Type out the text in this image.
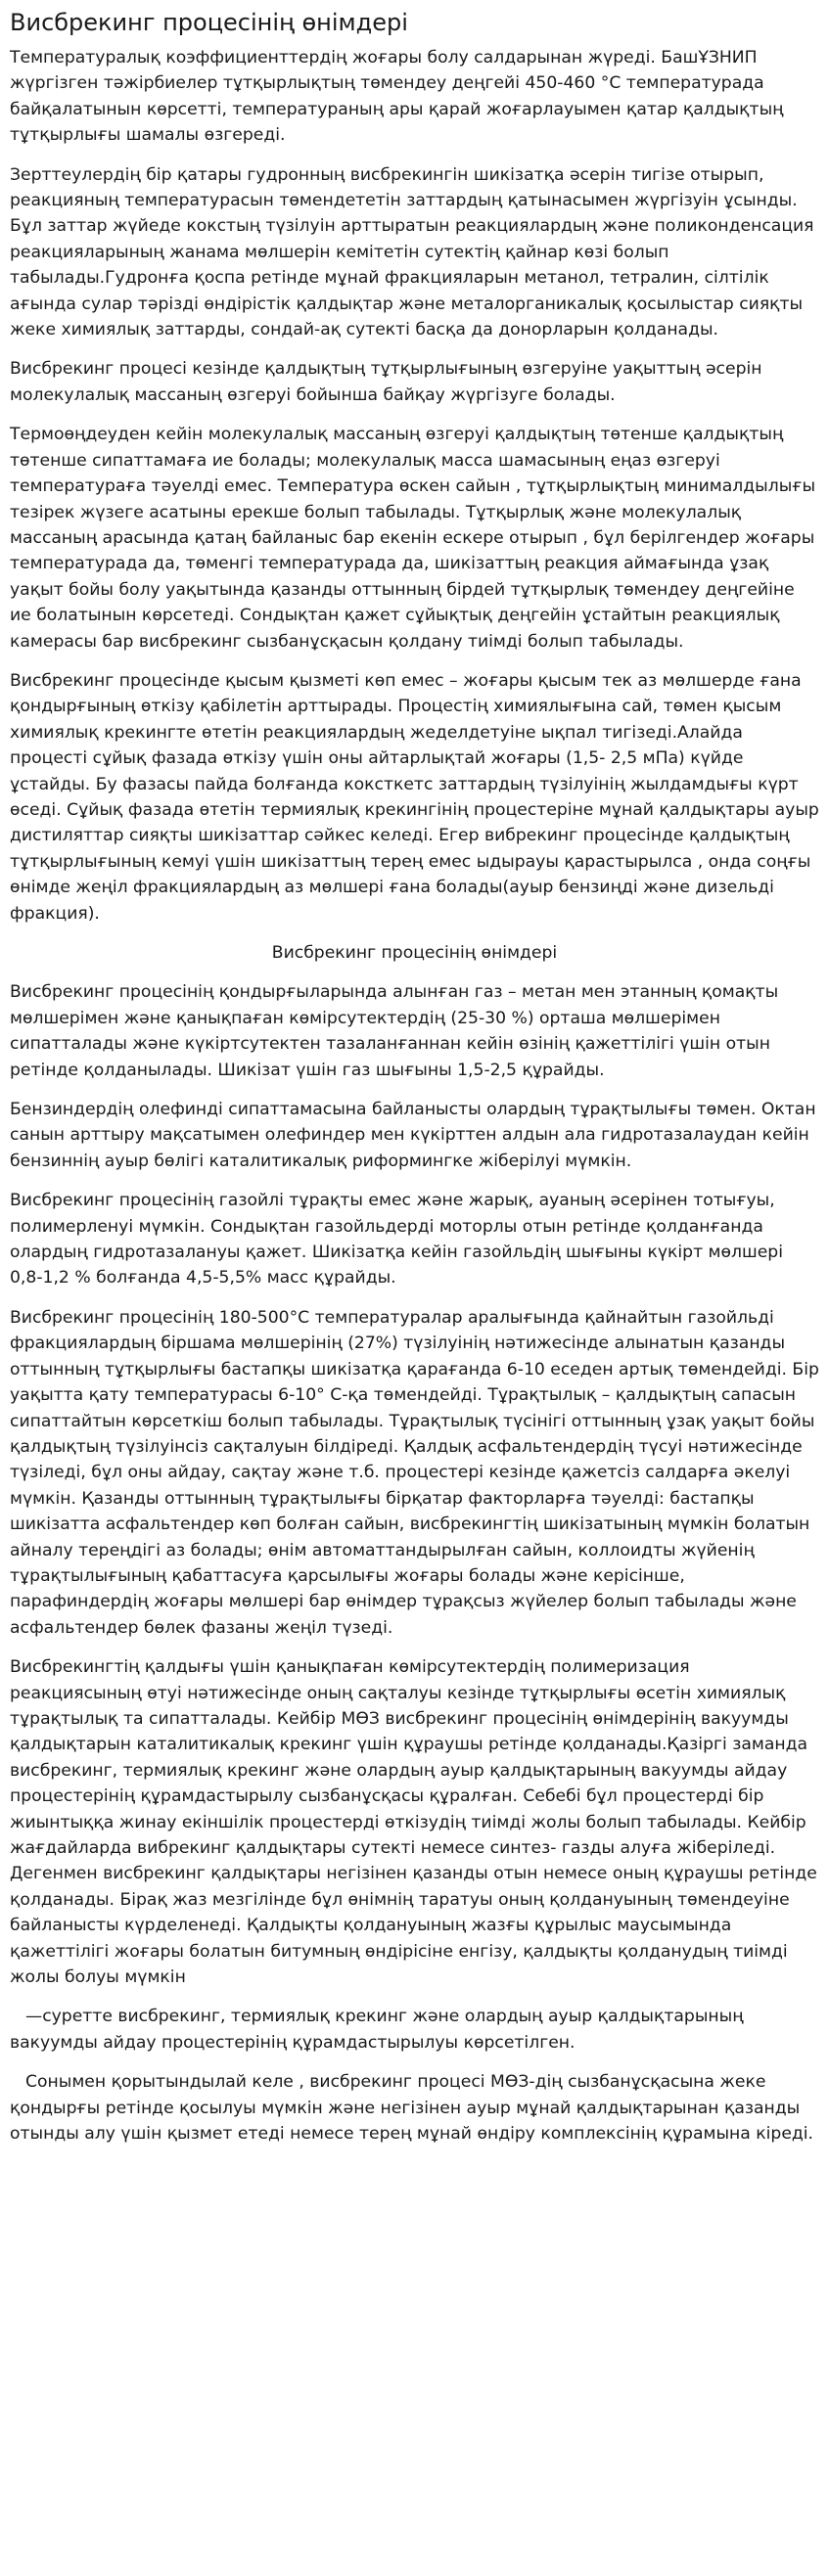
Висбрекинг процесінің өнімдері

Температуралық коэффициенттердің жоғары болу салдарынан жүреді. БашҰЗНИП жүргізген тәжірбиелер тұтқырлықтың төмендеу деңгейі 450-460 °С температурада байқалатынын көрсетті, температураның ары қарай жоғарлауымен қатар қалдықтың тұтқырлығы шамалы өзгереді.

Зерттеулердің бір қатары гудронның висбрекингін шикізатқа әсерін тигізе отырып, реакцияның температурасын төмендететін заттардың қатынасымен жүргізуін ұсынды. Бұл заттар жүйеде кокстың түзілуін арттыратын реакциялардың және поликонденсация реакцияларының жанама мөлшерін кемітетін сутектің қайнар көзі болып табылады.Гудронға қоспа ретінде мұнай фракцияларын метанол, тетралин, сілтілік ағында сулар тәрізді өндірістік қалдықтар және металорганикалық қосылыстар сияқты жеке химиялық заттарды, сондай-ақ сутекті басқа да донорларын қолданады.

Висбрекинг процесі кезінде қалдықтың тұтқырлығының өзгеруіне уақыттың әсерін молекулалық массаның өзгеруі бойынша байқау жүргізуге болады.

Термоөңдеуден кейін молекулалық массаның өзгеруі қалдықтың төтенше қалдықтың төтенше сипаттамаға ие болады; молекулалық масса шамасының еңаз өзгеруі температураға тәуелді емес. Температура өскен сайын , тұтқырлықтың минималдылығы тезірек жүзеге асатыны ерекше болып табылады. Тұтқырлық және молекулалық массаның арасында қатаң байланыс бар екенін ескере отырып , бұл берілгендер жоғары температурада да, төменгі температурада да, шикізаттың реакция аймағында ұзақ уақыт бойы болу уақытында қазанды оттынның бірдей тұтқырлық төмендеу деңгейіне ие болатынын көрсетеді. Сондықтан қажет сұйықтық деңгейін ұстайтын реакциялық камерасы бар висбрекинг сызбанұсқасын қолдану тиімді болып табылады.

Висбрекинг процесінде қысым қызметі көп емес – жоғары қысым тек аз мөлшерде ғана қондырғының өткізу қабілетін арттырады. Процестің химиялығына сай, төмен қысым химиялық крекингте өтетін реакциялардың жеделдетуіне ықпал тигізеді.Алайда процесті сұйық фазада өткізу үшін оны айтарлықтай жоғары (1,5- 2,5 мПа) күйде ұстайды. Бу фазасы пайда болғанда коксткетс заттардың түзілуінің жылдамдығы күрт өседі. Сұйық фазада өтетін термиялық крекингінің процестеріне мұнай қалдықтары ауыр дистиляттар сияқты шикізаттар сәйкес келеді. Егер вибрекинг процесінде қалдықтың тұтқырлығының кемуі үшін шикізаттың терең емес ыдырауы қарастырылса , онда соңғы өнімде жеңіл фракциялардың аз мөлшері ғана болады(ауыр бензиңді және дизельді фракция).

Висбрекинг процесінің өнімдері

Висбрекинг процесінің қондырғыларында алынған газ – метан мен этанның қомақты мөлшерімен және қанықпаған көмірсутектердің (25-30 %) орташа мөлшерімен сипатталады және күкіртсутектен тазаланғаннан кейін өзінің қажеттілігі үшін отын ретінде қолданылады. Шикізат үшін газ шығыны 1,5-2,5 құрайды.

Бензиндердің олефинді сипаттамасына байланысты олардың тұрақтылығы төмен. Октан санын арттыру мақсатымен олефиндер мен күкірттен алдын ала гидротазалаудан кейін бензиннің ауыр бөлігі каталитикалық риформингке жіберілуі мүмкін.

Висбрекинг процесінің газойлі тұрақты емес және жарық, ауаның әсерінен тотығуы, полимерленуі мүмкін. Сондықтан газойльдерді моторлы отын ретінде қолданғанда олардың гидротазалануы қажет. Шикізатқа кейін газойльдің шығыны күкірт мөлшері 0,8-1,2 % болғанда 4,5-5,5% масс құрайды.

Висбрекинг процесінің 180-500°С температуралар аралығында қайнайтын газойльді фракциялардың біршама мөлшерінің (27%) түзілуінің нәтижесінде алынатын қазанды оттынның тұтқырлығы бастапқы шикізатқа қарағанда 6-10 еседен артық төмендейді. Бір уақытта қату температурасы 6-10° С-қа төмендейді. Тұрақтылық – қалдықтың сапасын сипаттайтын көрсеткіш болып табылады. Тұрақтылық түсінігі оттынның ұзақ уақыт бойы қалдықтың түзілуінсіз сақталуын білдіреді. Қалдық асфальтендердің түсуі нәтижесінде түзіледі, бұл оны айдау, сақтау және т.б. процестері кезінде қажетсіз салдарға әкелуі мүмкін. Қазанды оттынның тұрақтылығы бірқатар факторларға тәуелді: бастапқы шикізатта асфальтендер көп болған сайын, висбрекингтің шикізатының мүмкін болатын айналу тереңдігі аз болады; өнім автоматтандырылған сайын, коллоидты жүйенің тұрақтылығының қабаттасуға қарсылығы жоғары болады және керісінше, парафиндердің жоғары мөлшері бар өнімдер тұрақсыз жүйелер болып табылады және асфальтендер бөлек фазаны жеңіл түзеді.

Висбрекингтің қалдығы үшін қанықпаған көмірсутектердің полимеризация реакциясының өтуі нәтижесінде оның сақталуы кезінде тұтқырлығы өсетін химиялық тұрақтылық та сипатталады. Кейбір МӨЗ висбрекинг процесінің өнімдерінің вакуумды қалдықтарын каталитикалық крекинг үшін құраушы ретінде қолданады.Қазіргі заманда висбрекинг, термиялық крекинг және олардың ауыр қалдықтарының вакуумды айдау процестерінің құрамдастырылу сызбанұсқасы құралған. Себебі бұл процестерді бір жиынтыққа жинау екіншілік процестерді өткізудің тиімді жолы болып табылады. Кейбір жағдайларда вибрекинг қалдықтары сутекті немесе синтез- газды алуға жіберіледі. Дегенмен висбрекинг қалдықтары негізінен қазанды отын немесе оның құраушы ретінде қолданады. Бірақ жаз мезгілінде бұл өнімнің таратуы оның қолдануының төмендеуіне байланысты күрделенеді. Қалдықты қолдануының жазғы құрылыс маусымында қажеттілігі жоғары болатын битумның өндірісіне енгізу, қалдықты қолданудың тиімді жолы болуы мүмкін

—суретте висбрекинг, термиялық крекинг және олардың ауыр қалдықтарының вакуумды айдау процестерінің құрамдастырылуы көрсетілген.

Сонымен қорытындылай келе , висбрекинг процесі МӨЗ-дің сызбанұсқасына жеке қондырғы ретінде қосылуы мүмкін және негізінен ауыр мұнай қалдықтарынан қазанды отынды алу үшін қызмет етеді немесе терең мұнай өндіру комплексінің құрамына кіреді.
